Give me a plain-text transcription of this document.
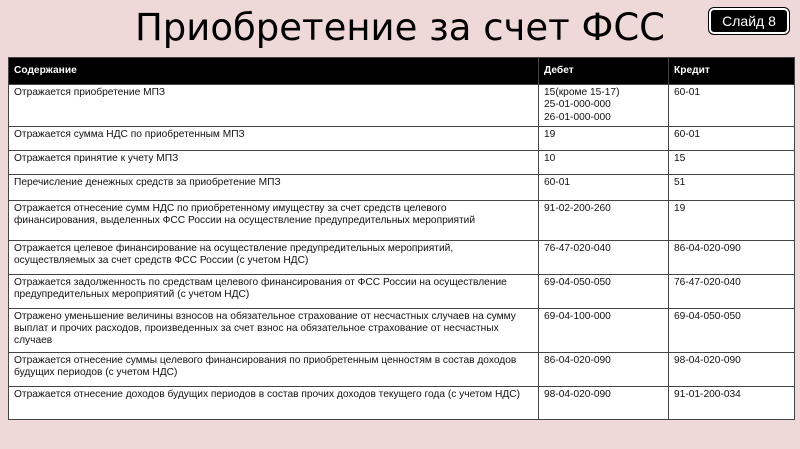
Приобретение за счет ФСС	Слайд 8
Содержание	Дебет	Кредит
Отражается приобретение МПЗ	15(кроме 15-17)
25-01-000-000
26-01-000-000	60-01
Отражается сумма НДС по приобретенным МПЗ	19	60-01
Отражается принятие к учету МПЗ	10	15
Перечисление денежных средств за приобретение МПЗ	60-01	51
Отражается отнесение сумм НДС по приобретенному имуществу за счет средств целевого финансирования, выделенных ФСС России на осуществление предупредительных мероприятий	91-02-200-260	19
Отражается целевое финансирование на осуществление предупредительных мероприятий, осуществляемых за счет средств ФСС России (с учетом НДС)	76-47-020-040	86-04-020-090
Отражается задолженность по средствам целевого финансирования от ФСС России на осуществление предупредительных мероприятий (с учетом НДС)	69-04-050-050	76-47-020-040
Отражено уменьшение величины взносов на обязательное страхование от несчастных случаев на сумму выплат и прочих расходов, произведенных за счет взнос на обязательное страхование от несчастных случаев	69-04-100-000	69-04-050-050
Отражается отнесение суммы целевого финансирования по приобретенным ценностям в состав доходов будущих периодов (с учетом НДС)	86-04-020-090	98-04-020-090
Отражается отнесение доходов будущих периодов в состав прочих доходов текущего года (с учетом НДС)	98-04-020-090	91-01-200-034
